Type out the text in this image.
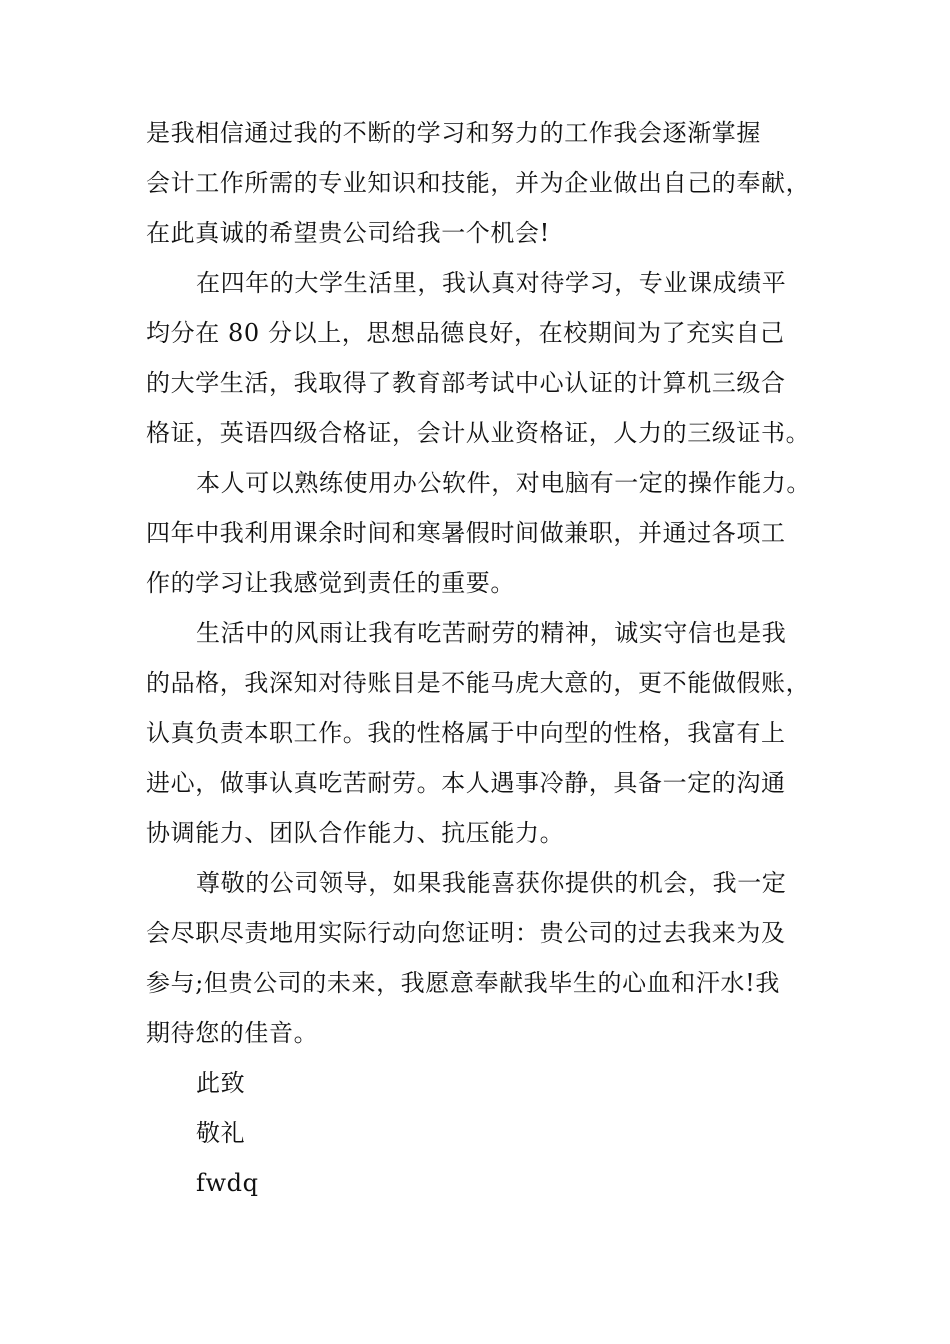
是我相信通过我的不断的学习和努力的工作我会逐渐掌握
会计工作所需的专业知识和技能，并为企业做出自己的奉献，
在此真诚的希望贵公司给我一个机会!
在四年的大学生活里，我认真对待学习，专业课成绩平
均分在 80 分以上，思想品德良好，在校期间为了充实自己
的大学生活，我取得了教育部考试中心认证的计算机三级合
格证，英语四级合格证，会计从业资格证，人力的三级证书。
本人可以熟练使用办公软件，对电脑有一定的操作能力。
四年中我利用课余时间和寒暑假时间做兼职，并通过各项工
作的学习让我感觉到责任的重要。
生活中的风雨让我有吃苦耐劳的精神，诚实守信也是我
的品格，我深知对待账目是不能马虎大意的，更不能做假账，
认真负责本职工作。我的性格属于中向型的性格，我富有上
进心，做事认真吃苦耐劳。本人遇事冷静，具备一定的沟通
协调能力、团队合作能力、抗压能力。
尊敬的公司领导，如果我能喜获你提供的机会，我一定
会尽职尽责地用实际行动向您证明：贵公司的过去我来为及
参与;但贵公司的未来，我愿意奉献我毕生的心血和汗水!我
期待您的佳音。
此致
敬礼
fwdq
